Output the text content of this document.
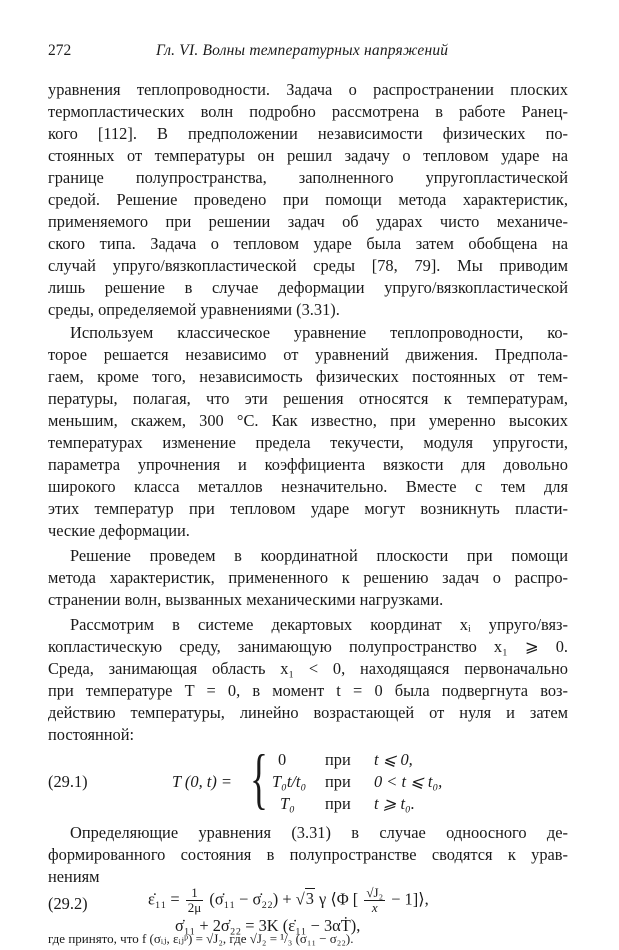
272	Гл. VI. Волны температурных напряжений
уравнения теплопроводности. Задача о распространении плоских
термопластических волн подробно рассмотрена в работе Ранец-
кого [112]. В предположении независимости физических по-
стоянных от температуры он решил задачу о тепловом ударе на
границе полупространства, заполненного упругопластической
средой. Решение проведено при помощи метода характеристик,
применяемого при решении задач об ударах чисто механиче-
ского типа. Задача о тепловом ударе была затем обобщена на
случай упруго/вязкопластической среды [78, 79]. Мы приводим
лишь решение в случае деформации упруго/вязкопластической
среды, определяемой уравнениями (3.31).
Используем классическое уравнение теплопроводности, ко-
торое решается независимо от уравнений движения. Предпола-
гаем, кроме того, независимость физических постоянных от тем-
пературы, полагая, что эти решения относятся к температурам,
меньшим, скажем, 300 °C. Как известно, при умеренно высоких
температурах изменение предела текучести, модуля упругости,
параметра упрочнения и коэффициента вязкости для довольно
широкого класса металлов незначительно. Вместе с тем для
этих температур при тепловом ударе могут возникнуть пласти-
ческие деформации.
Решение проведем в координатной плоскости при помощи
метода характеристик, примененного к решению задач о распро-
странении волн, вызванных механическими нагрузками.
Рассмотрим в системе декартовых координат xᵢ упруго/вяз-
копластическую среду, занимающую полупространство x₁ ⩾ 0.
Среда, занимающая область x₁ < 0, находящаяся первоначально
при температуре T = 0, в момент t = 0 была подвергнута воз-
действию температуры, линейно возрастающей от нуля и затем
постоянной:
(29.1)	T (0, t) = { 0 при t ⩽ 0,
T₀t/t₀ при 0 < t ⩽ t₀,
T₀ при t ⩾ t₀.
Определяющие уравнения (3.31) в случае одноосного де-
формированного состояния в полупространстве сводятся к урав-
нениям
(29.2)	ε̇₁₁ = $\frac{1}{2\mu}$ (σ̇₁₁ − σ̇₂₂) + √3 γ ⟨Φ [ $\frac{\text{√J₂}}{x}$ − 1]⟩,
σ̇₁₁ + 2σ̇₂₂ = 3K (ε̇₁₁ − 3αṪ),
где принято, что f (σᵢⱼ, εᵢⱼᵖ) = √J₂, где √J₂ = ¹/₃ (σ₁₁ − σ₂₂).
